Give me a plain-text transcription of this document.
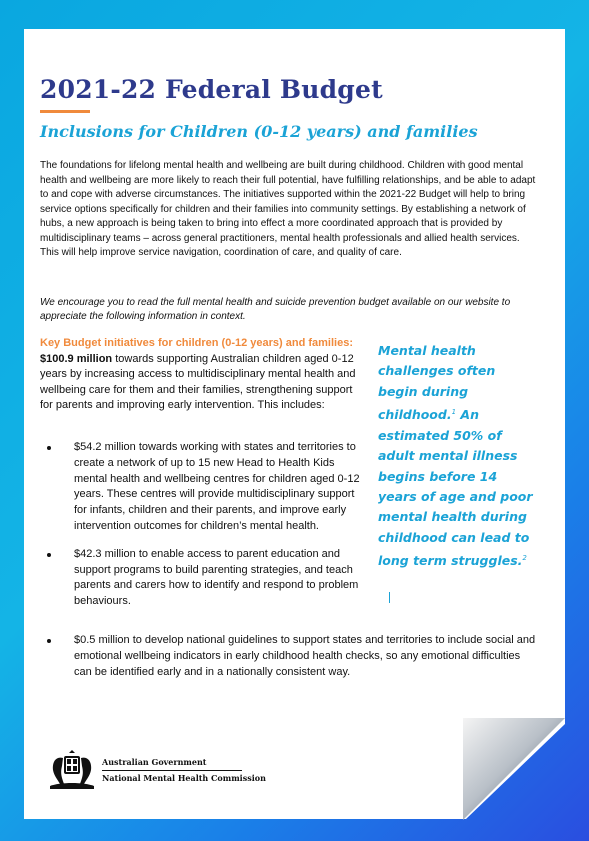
2021-22 Federal Budget
Inclusions for Children (0-12 years) and families

The foundations for lifelong mental health and wellbeing are built during childhood. Children with good mental health and wellbeing are more likely to reach their full potential, have fulfilling relationships, and be able to adapt to and cope with adverse circumstances. The initiatives supported within the 2021-22 Budget will help to bring service options specifically for children and their families into community settings. By establishing a network of hubs, a new approach is being taken to bring into effect a more coordinated approach that is provided by multidisciplinary teams – across general practitioners, mental health professionals and allied health services. This will help improve service navigation, coordination of care, and quality of care.

We encourage you to read the full mental health and suicide prevention budget available on our website to appreciate the following information in context.

Key Budget initiatives for children (0-12 years) and families:

$100.9 million towards supporting Australian children aged 0-12 years by increasing access to multidisciplinary mental health and wellbeing care for them and their families, strengthening support for parents and improving early intervention. This includes:

$54.2 million towards working with states and territories to create a network of up to 15 new Head to Health Kids mental health and wellbeing centres for children aged 0-12 years. These centres will provide multidisciplinary support for infants, children and their parents, and improve early intervention outcomes for children’s mental health.
$42.3 million to enable access to parent education and support programs to build parenting strategies, and teach parents and carers how to identify and respond to problem behaviours.
$0.5 million to develop national guidelines to support states and territories to include social and emotional wellbeing indicators in early childhood health checks, so any emotional difficulties can be identified early and in a nationally consistent way.

Mental health challenges often begin during childhood.$^1$ An estimated 50% of adult mental illness begins before 14 years of age and poor mental health during childhood can lead to long term struggles.$^2$

Australian Government
National Mental Health Commission
